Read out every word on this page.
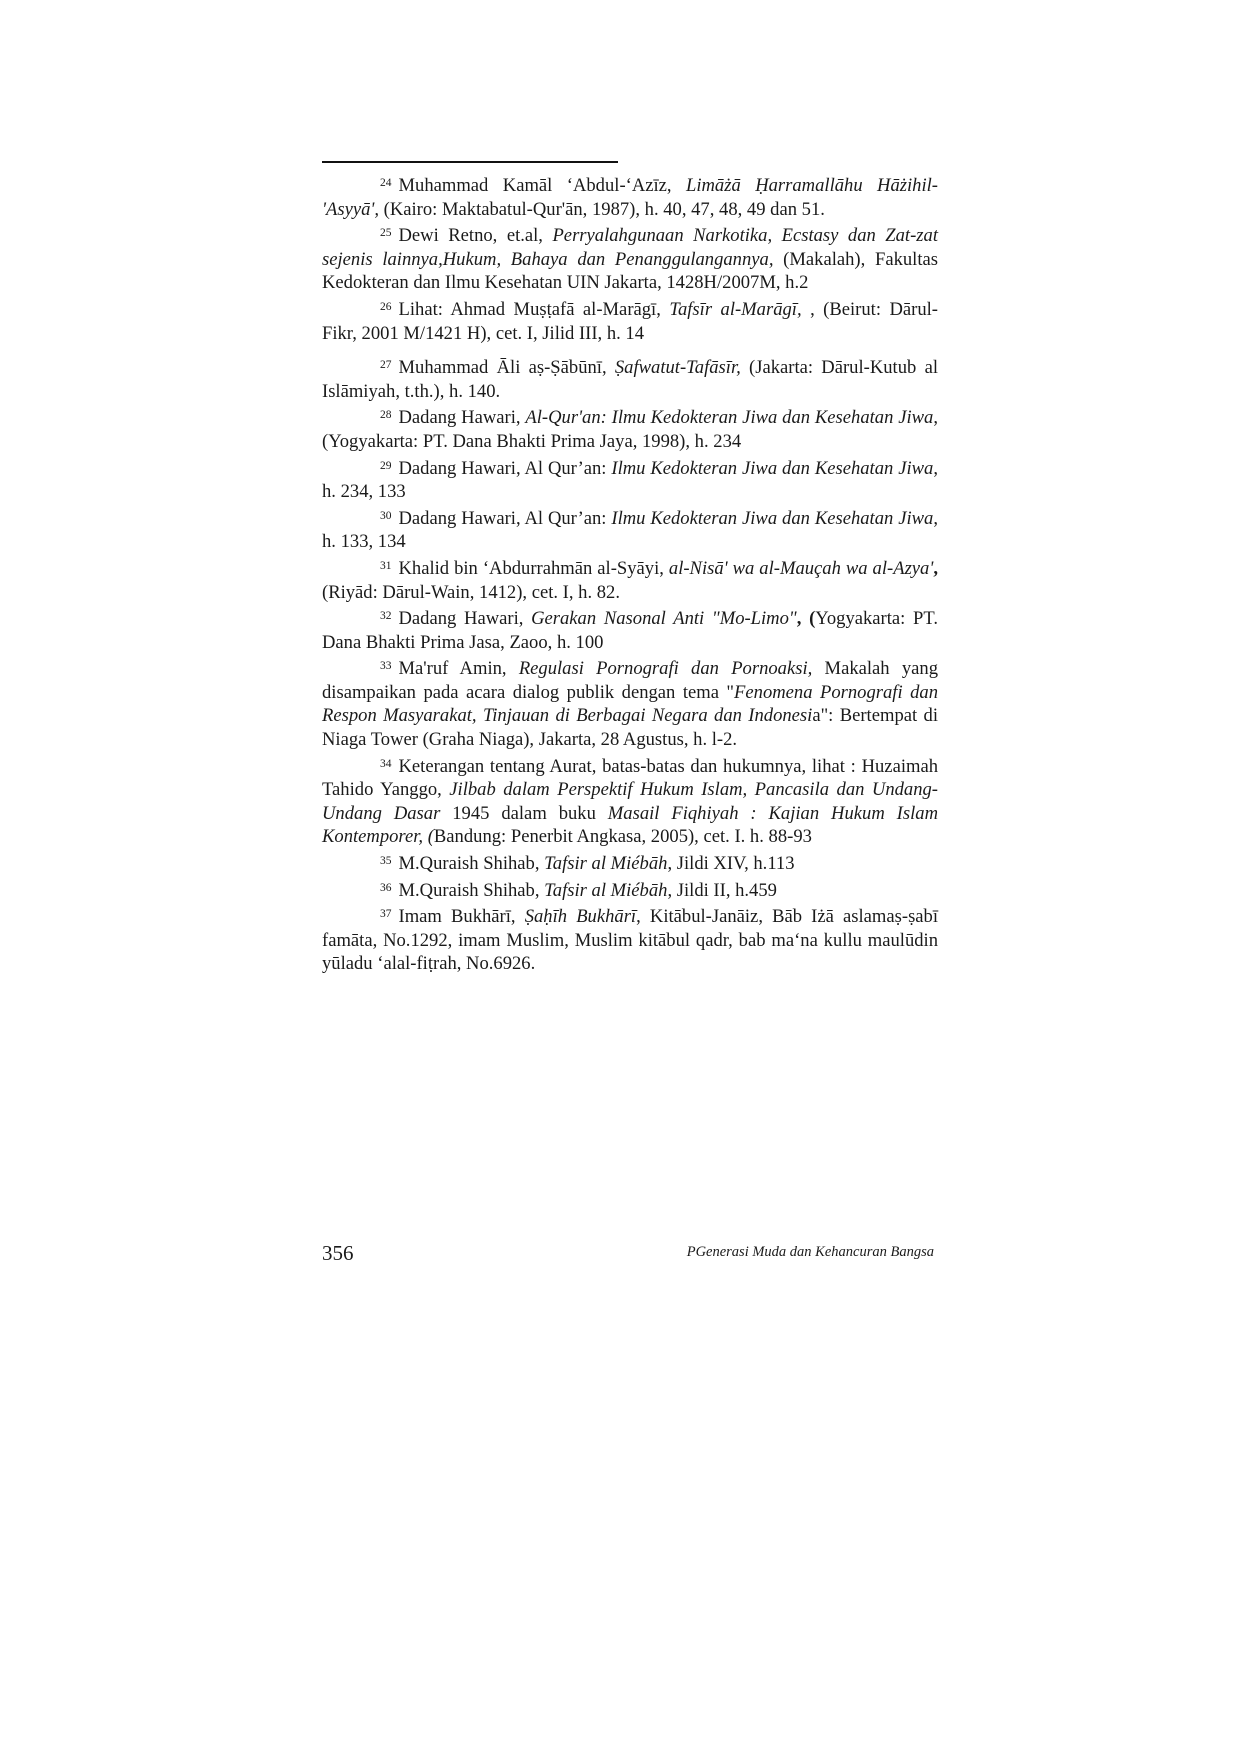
$^{24}$ Muhammad Kamāl ‘Abdul-‘Azīz, Limāżā Ḥarramallāhu Hāżihil-'Asyyā', (Kairo: Maktabatul-Qur'ān, 1987), h. 40, 47, 48, 49 dan 51.

$^{25}$ Dewi Retno, et.al, Perryalahgunaan Narkotika, Ecstasy dan Zat-zat sejenis lainnya,Hukum, Bahaya dan Penanggulangannya, (Makalah), Fakultas Kedokteran dan Ilmu Kesehatan UIN Jakarta, 1428H/2007M, h.2

$^{26}$ Lihat: Ahmad Muṣṭafā al-Marāgī, Tafsīr al-Marāgī, , (Beirut: Dārul-Fikr, 2001 M/1421 H), cet. I, Jilid III, h. 14

$^{27}$ Muhammad Āli aṣ-Ṣābūnī, Ṣafwatut-Tafāsīr, (Jakarta: Dārul-Kutub al Islāmiyah, t.th.), h. 140.

$^{28}$ Dadang Hawari, Al-Qur'an: Ilmu Kedokteran Jiwa dan Kesehatan Jiwa, (Yogyakarta: PT. Dana Bhakti Prima Jaya, 1998), h. 234

$^{29}$ Dadang Hawari, Al Qur’an: Ilmu Kedokteran Jiwa dan Kesehatan Jiwa, h. 234, 133

$^{30}$ Dadang Hawari, Al Qur’an: Ilmu Kedokteran Jiwa dan Kesehatan Jiwa, h. 133, 134

$^{31}$ Khalid bin ‘Abdurrahmān al-Syāyi, al-Nisā' wa al-Mauçah wa al-Azya', (Riyād: Dārul-Wain, 1412), cet. I, h. 82.

$^{32}$ Dadang Hawari, Gerakan Nasonal Anti "Mo-Limo", (Yogyakarta: PT. Dana Bhakti Prima Jasa, Zaoo, h. 100

$^{33}$ Ma'ruf Amin, Regulasi Pornografi dan Pornoaksi, Makalah yang disampaikan pada acara dialog publik dengan tema "Fenomena Pornografi dan Respon Masyarakat, Tinjauan di Berbagai Negara dan Indonesia": Bertempat di Niaga Tower (Graha Niaga), Jakarta, 28 Agustus, h. l-2.

$^{34}$ Keterangan tentang Aurat, batas-batas dan hukumnya, lihat : Huzaimah Tahido Yanggo, Jilbab dalam Perspektif Hukum Islam, Pancasila dan Undang-Undang Dasar 1945 dalam buku Masail Fiqhiyah : Kajian Hukum Islam Kontemporer, (Bandung: Penerbit Angkasa, 2005), cet. I. h. 88-93

$^{35}$ M.Quraish Shihab, Tafsir al Miébāh, Jildi XIV, h.113

$^{36}$ M.Quraish Shihab, Tafsir al Miébāh, Jildi II, h.459

$^{37}$ Imam Bukhārī, Ṣaḥīh Bukhārī, Kitābul-Janāiz, Bāb Iżā aslamaṣ-ṣabī famāta, No.1292, imam Muslim, Muslim kitābul qadr, bab ma‘na kullu maulūdin yūladu ‘alal-fiṭrah, No.6926.

356	PGenerasi Muda dan Kehancuran Bangsa
